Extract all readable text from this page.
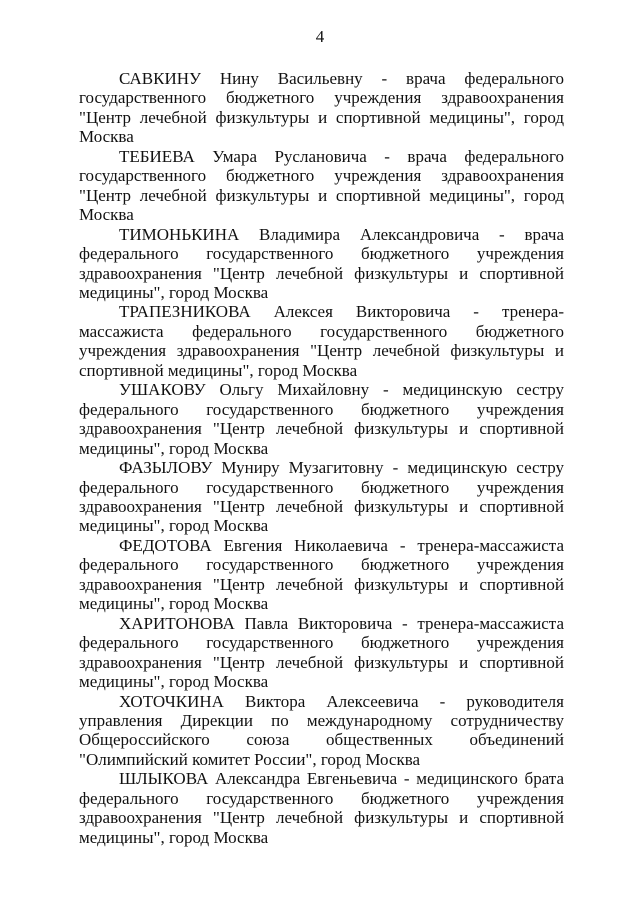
4

САВКИНУ Нину Васильевну - врача федерального государственного бюджетного учреждения здравоохранения "Центр лечебной физкультуры и спортивной медицины", город Москва

ТЕБИЕВА Умара Руслановича - врача федерального государственного бюджетного учреждения здравоохранения "Центр лечебной физкультуры и спортивной медицины", город Москва

ТИМОНЬКИНА Владимира Александровича - врача федерального государственного бюджетного учреждения здравоохранения "Центр лечебной физкультуры и спортивной медицины", город Москва

ТРАПЕЗНИКОВА Алексея Викторовича - тренера-массажиста федерального государственного бюджетного учреждения здравоохранения "Центр лечебной физкультуры и спортивной медицины", город Москва

УШАКОВУ Ольгу Михайловну - медицинскую сестру федерального государственного бюджетного учреждения здравоохранения "Центр лечебной физкультуры и спортивной медицины", город Москва

ФАЗЫЛОВУ Муниру Музагитовну - медицинскую сестру федерального государственного бюджетного учреждения здравоохранения "Центр лечебной физкультуры и спортивной медицины", город Москва

ФЕДОТОВА Евгения Николаевича - тренера-массажиста федерального государственного бюджетного учреждения здравоохранения "Центр лечебной физкультуры и спортивной медицины", город Москва

ХАРИТОНОВА Павла Викторовича - тренера-массажиста федерального государственного бюджетного учреждения здравоохранения "Центр лечебной физкультуры и спортивной медицины", город Москва

ХОТОЧКИНА Виктора Алексеевича - руководителя управления Дирекции по международному сотрудничеству Общероссийского союза общественных объединений "Олимпийский комитет России", город Москва

ШЛЫКОВА Александра Евгеньевича - медицинского брата федерального государственного бюджетного учреждения здравоохранения "Центр лечебной физкультуры и спортивной медицины", город Москва
